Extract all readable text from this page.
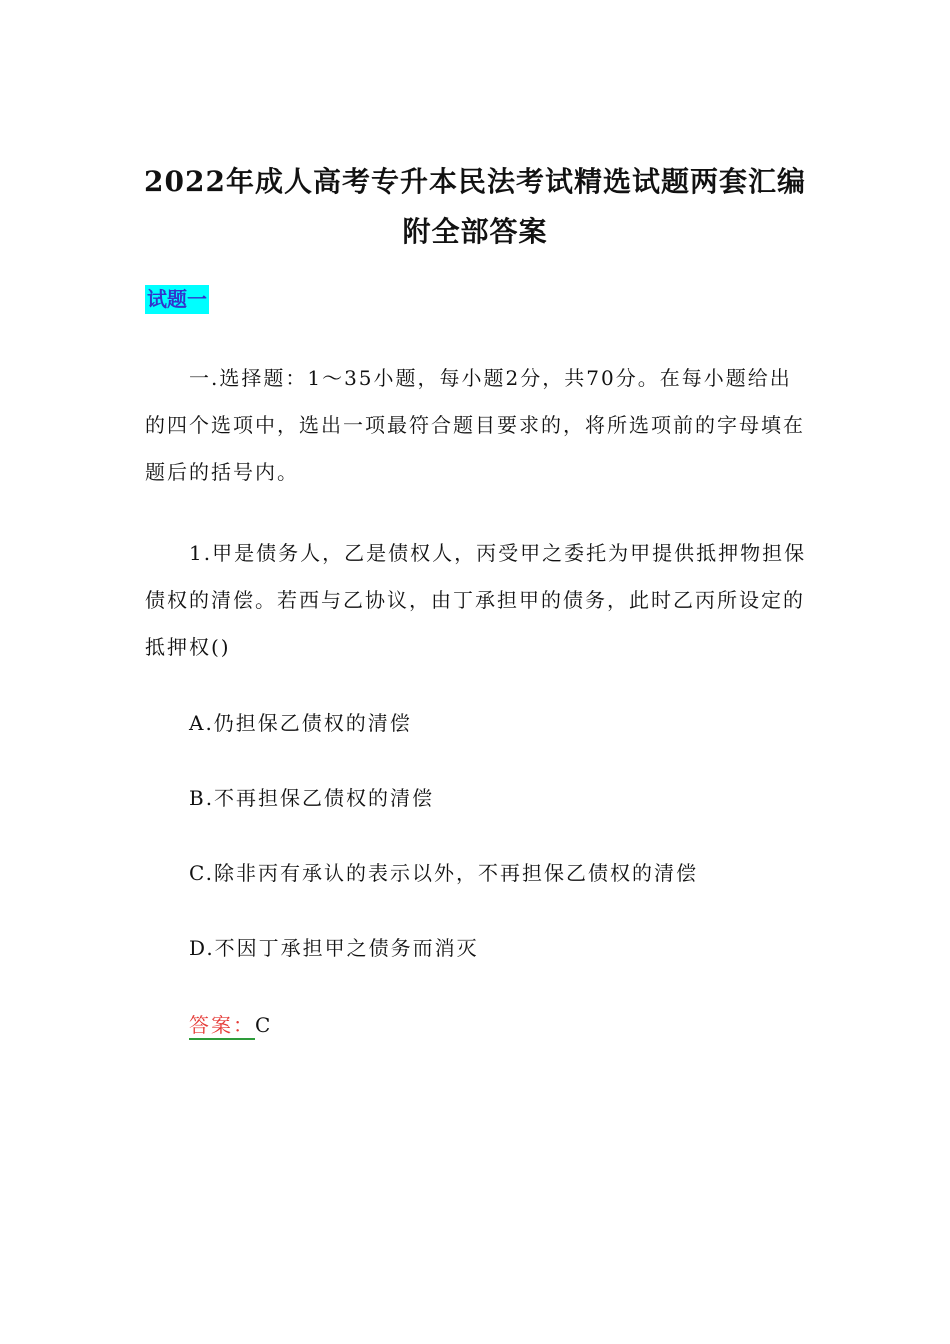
2022年成人高考专升本民法考试精选试题两套汇编
附全部答案
试题一
一.选择题：1～35小题，每小题2分，共70分。在每小题给出的四个选项中，选出一项最符合题目要求的，将所选项前的字母填在题后的括号内。
1.甲是债务人，乙是债权人，丙受甲之委托为甲提供抵押物担保债权的清偿。若西与乙协议，由丁承担甲的债务，此时乙丙所设定的抵押权()
A.仍担保乙债权的清偿
B.不再担保乙债权的清偿
C.除非丙有承认的表示以外，不再担保乙债权的清偿
D.不因丁承担甲之债务而消灭
答案：C
